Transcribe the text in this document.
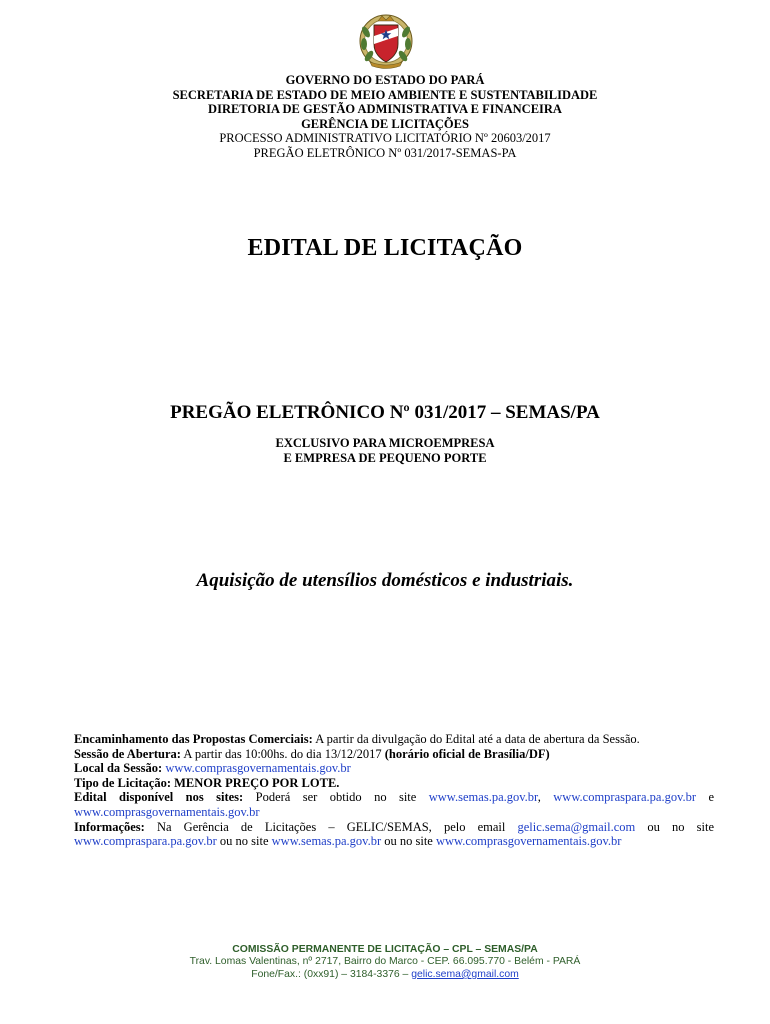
GOVERNO DO ESTADO DO PARÁ
SECRETARIA DE ESTADO DE MEIO AMBIENTE E SUSTENTABILIDADE
DIRETORIA DE GESTÃO ADMINISTRATIVA E FINANCEIRA
GERÊNCIA DE LICITAÇÕES
PROCESSO ADMINISTRATIVO LICITATÓRIO Nº 20603/2017
PREGÃO ELETRÔNICO Nº 031/2017-SEMAS-PA
EDITAL DE LICITAÇÃO
PREGÃO ELETRÔNICO Nº 031/2017 – SEMAS/PA
EXCLUSIVO PARA MICROEMPRESA
E EMPRESA DE PEQUENO PORTE
Aquisição de utensílios domésticos e industriais.
Encaminhamento das Propostas Comerciais: A partir da divulgação do Edital até a data de abertura da Sessão.
Sessão de Abertura: A partir das 10:00hs. do dia 13/12/2017 (horário oficial de Brasília/DF)
Local da Sessão: www.comprasgovernamentais.gov.br
Tipo de Licitação: MENOR PREÇO POR LOTE.
Edital disponível nos sites: Poderá ser obtido no site www.semas.pa.gov.br, www.compraspara.pa.gov.br e www.comprasgovernamentais.gov.br
Informações: Na Gerência de Licitações – GELIC/SEMAS, pelo email gelic.sema@gmail.com ou no site www.compraspara.pa.gov.br ou no site www.semas.pa.gov.br ou no site www.comprasgovernamentais.gov.br
COMISSÃO PERMANENTE DE LICITAÇÃO – CPL – SEMAS/PA
Trav. Lomas Valentinas, nº 2717, Bairro do Marco - CEP. 66.095.770 - Belém - PARÁ
Fone/Fax.: (0xx91) – 3184-3376 – gelic.sema@gmail.com
